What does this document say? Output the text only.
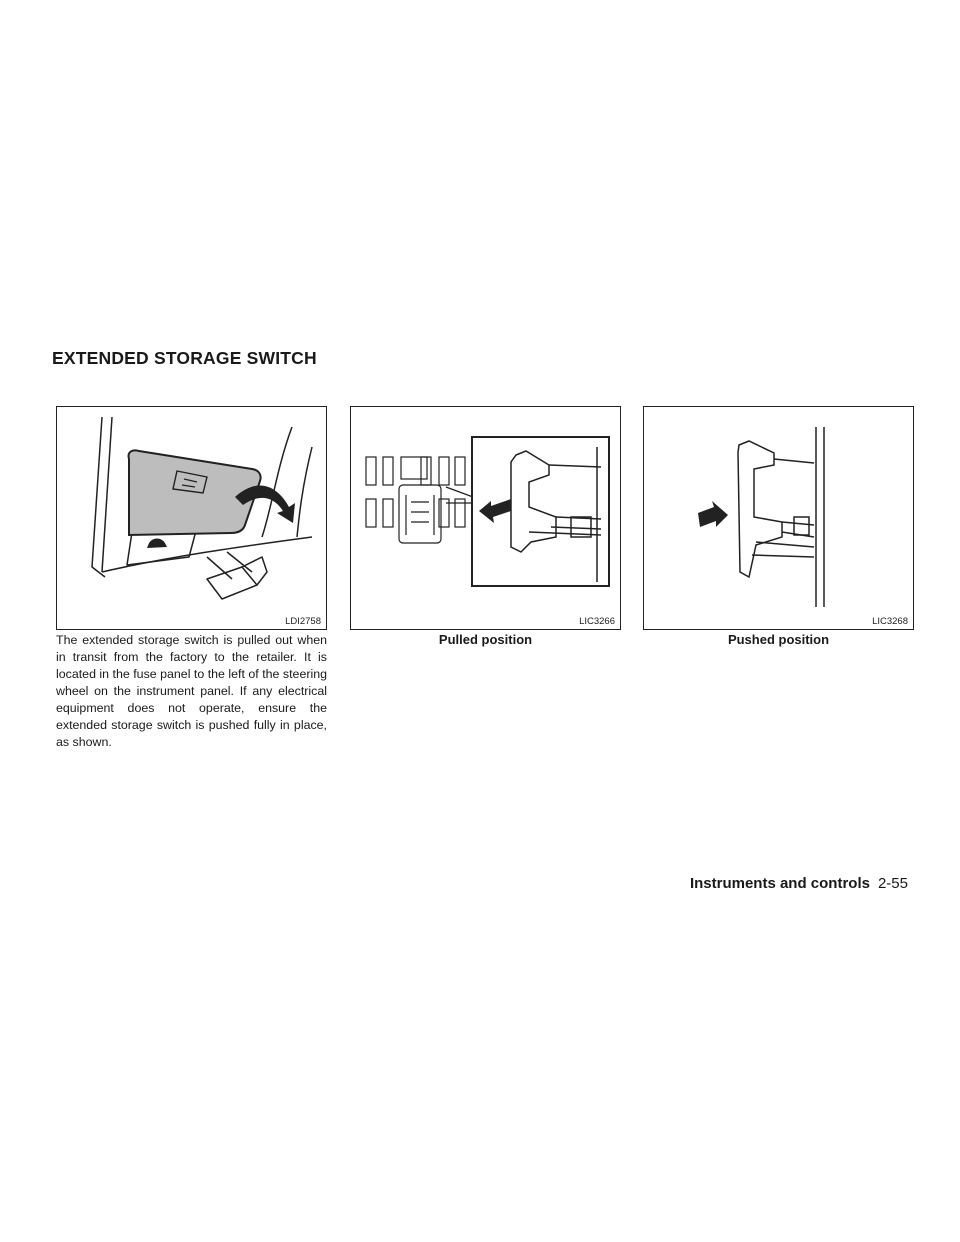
EXTENDED STORAGE SWITCH
LDI2758	LIC3266	LIC3268
Pulled position	Pushed position
The extended storage switch is pulled out when in transit from the factory to the retailer. It is located in the fuse panel to the left of the steering wheel on the instrument panel. If any electrical equipment does not operate, ensure the extended storage switch is pushed fully in place, as shown.
Instruments and controls 2-55
